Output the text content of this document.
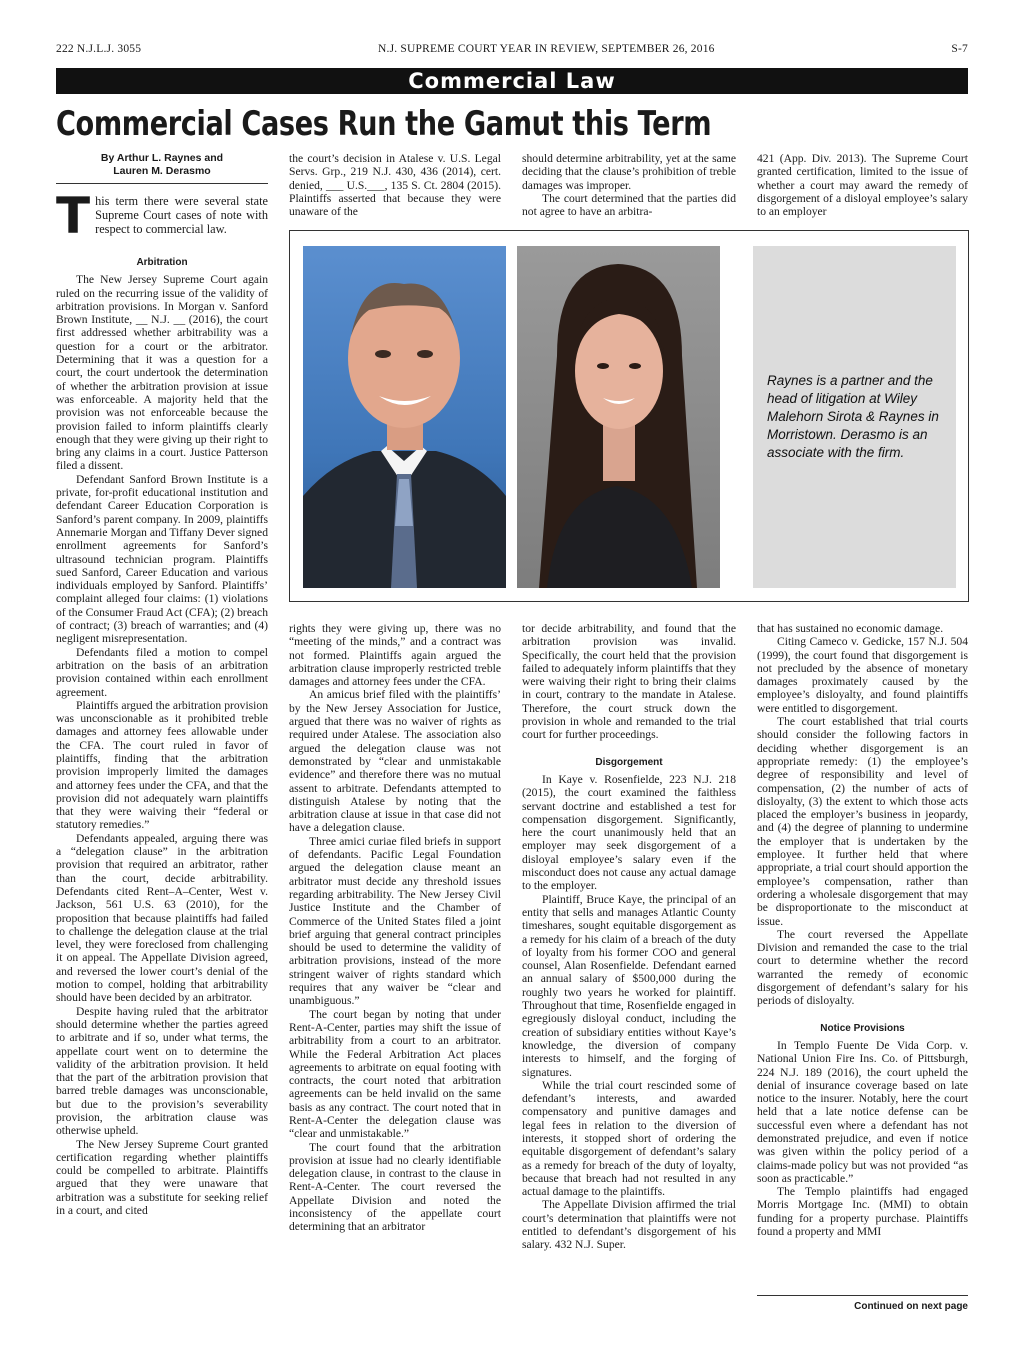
222 N.J.L.J. 3055	N.J. SUPREME COURT YEAR IN REVIEW, SEPTEMBER 26, 2016	S-7
Commercial Law
Commercial Cases Run the Gamut this Term
By Arthur L. Raynes and
Lauren M. Derasmo

This term there were several state Supreme Court cases of note with respect to commercial law.

Arbitration

The New Jersey Supreme Court again ruled on the recurring issue of the validity of arbitration provisions. In Morgan v. Sanford Brown Institute, __ N.J. __ (2016), the court first addressed whether arbitrability was a question for a court or the arbitrator. Determining that it was a question for a court, the court undertook the determination of whether the arbitration provision at issue was enforceable. A majority held that the provision was not enforceable because the provision failed to inform plaintiffs clearly enough that they were giving up their right to bring any claims in a court. Justice Patterson filed a dissent.

Defendant Sanford Brown Institute is a private, for-profit educational institution and defendant Career Education Corporation is Sanford’s parent company. In 2009, plaintiffs Annemarie Morgan and Tiffany Dever signed enrollment agreements for Sanford’s ultrasound technician program. Plaintiffs sued Sanford, Career Education and various individuals employed by Sanford. Plaintiffs’ complaint alleged four claims: (1) violations of the Consumer Fraud Act (CFA); (2) breach of contract; (3) breach of warranties; and (4) negligent misrepresentation.

Defendants filed a motion to compel arbitration on the basis of an arbitration provision contained within each enrollment agreement.

Plaintiffs argued the arbitration provision was unconscionable as it prohibited treble damages and attorney fees allowable under the CFA. The court ruled in favor of plaintiffs, finding that the arbitration provision improperly limited the damages and attorney fees under the CFA, and that the provision did not adequately warn plaintiffs that they were waiving their “federal or statutory remedies.”

Defendants appealed, arguing there was a “delegation clause” in the arbitration provision that required an arbitrator, rather than the court, decide arbitrability. Defendants cited Rent–A–Center, West v. Jackson, 561 U.S. 63 (2010), for the proposition that because plaintiffs had failed to challenge the delegation clause at the trial level, they were foreclosed from challenging it on appeal. The Appellate Division agreed, and reversed the lower court’s denial of the motion to compel, holding that arbitrability should have been decided by an arbitrator.

Despite having ruled that the arbitrator should determine whether the parties agreed to arbitrate and if so, under what terms, the appellate court went on to determine the validity of the arbitration provision. It held that the part of the arbitration provision that barred treble damages was unconscionable, but due to the provision’s severability provision, the arbitration clause was otherwise upheld.

The New Jersey Supreme Court granted certification regarding whether plaintiffs could be compelled to arbitrate. Plaintiffs argued that they were unaware that arbitration was a substitute for seeking relief in a court, and cited

the court’s decision in Atalese v. U.S. Legal Servs. Grp., 219 N.J. 430, 436 (2014), cert. denied, ___ U.S.___, 135 S. Ct. 2804 (2015). Plaintiffs asserted that because they were unaware of the

should determine arbitrability, yet at the same deciding that the clause’s prohibition of treble damages was improper.

The court determined that the parties did not agree to have an arbitra-

421 (App. Div. 2013). The Supreme Court granted certification, limited to the issue of whether a court may award the remedy of disgorgement of a disloyal employee’s salary to an employer

Raynes is a partner and the head of litigation at Wiley Malehorn Sirota & Raynes in Morristown. Derasmo is an associate with the firm.

rights they were giving up, there was no “meeting of the minds,” and a contract was not formed. Plaintiffs again argued the arbitration clause improperly restricted treble damages and attorney fees under the CFA.

An amicus brief filed with the plaintiffs’ by the New Jersey Association for Justice, argued that there was no waiver of rights as required under Atalese. The association also argued the delegation clause was not demonstrated by “clear and unmistakable evidence” and therefore there was no mutual assent to arbitrate. Defendants attempted to distinguish Atalese by noting that the arbitration clause at issue in that case did not have a delegation clause.

Three amici curiae filed briefs in support of defendants. Pacific Legal Foundation argued the delegation clause meant an arbitrator must decide any threshold issues regarding arbitrability. The New Jersey Civil Justice Institute and the Chamber of Commerce of the United States filed a joint brief arguing that general contract principles should be used to determine the validity of arbitration provisions, instead of the more stringent waiver of rights standard which requires that any waiver be “clear and unambiguous.”

The court began by noting that under Rent-A-Center, parties may shift the issue of arbitrability from a court to an arbitrator. While the Federal Arbitration Act places agreements to arbitrate on equal footing with contracts, the court noted that arbitration agreements can be held invalid on the same basis as any contract. The court noted that in Rent-A-Center the delegation clause was “clear and unmistakable.”

The court found that the arbitration provision at issue had no clearly identifiable delegation clause, in contrast to the clause in Rent-A-Center. The court reversed the Appellate Division and noted the inconsistency of the appellate court determining that an arbitrator

tor decide arbitrability, and found that the arbitration provision was invalid. Specifically, the court held that the provision failed to adequately inform plaintiffs that they were waiving their right to bring their claims in court, contrary to the mandate in Atalese. Therefore, the court struck down the provision in whole and remanded to the trial court for further proceedings.

Disgorgement

In Kaye v. Rosenfielde, 223 N.J. 218 (2015), the court examined the faithless servant doctrine and established a test for compensation disgorgement. Significantly, here the court unanimously held that an employer may seek disgorgement of a disloyal employee’s salary even if the misconduct does not cause any actual damage to the employer.

Plaintiff, Bruce Kaye, the principal of an entity that sells and manages Atlantic County timeshares, sought equitable disgorgement as a remedy for his claim of a breach of the duty of loyalty from his former COO and general counsel, Alan Rosenfielde. Defendant earned an annual salary of $500,000 during the roughly two years he worked for plaintiff. Throughout that time, Rosenfielde engaged in egregiously disloyal conduct, including the creation of subsidiary entities without Kaye’s knowledge, the diversion of company interests to himself, and the forging of signatures.

While the trial court rescinded some of defendant’s interests, and awarded compensatory and punitive damages and legal fees in relation to the diversion of interests, it stopped short of ordering the equitable disgorgement of defendant’s salary as a remedy for breach of the duty of loyalty, because that breach had not resulted in any actual damage to the plaintiffs.

The Appellate Division affirmed the trial court’s determination that plaintiffs were not entitled to defendant’s disgorgement of his salary. 432 N.J. Super.

that has sustained no economic damage.

Citing Cameco v. Gedicke, 157 N.J. 504 (1999), the court found that disgorgement is not precluded by the absence of monetary damages proximately caused by the employee’s disloyalty, and found plaintiffs were entitled to disgorgement.

The court established that trial courts should consider the following factors in deciding whether disgorgement is an appropriate remedy: (1) the employee’s degree of responsibility and level of compensation, (2) the number of acts of disloyalty, (3) the extent to which those acts placed the employer’s business in jeopardy, and (4) the degree of planning to undermine the employer that is undertaken by the employee. It further held that where appropriate, a trial court should apportion the employee’s compensation, rather than ordering a wholesale disgorgement that may be disproportionate to the misconduct at issue.

The court reversed the Appellate Division and remanded the case to the trial court to determine whether the record warranted the remedy of economic disgorgement of defendant’s salary for his periods of disloyalty.

Notice Provisions

In Templo Fuente De Vida Corp. v. National Union Fire Ins. Co. of Pittsburgh, 224 N.J. 189 (2016), the court upheld the denial of insurance coverage based on late notice to the insurer. Notably, here the court held that a late notice defense can be successful even where a defendant has not demonstrated prejudice, and even if notice was given within the policy period of a claims-made policy but was not provided “as soon as practicable.”

The Templo plaintiffs had engaged Morris Mortgage Inc. (MMI) to obtain funding for a property purchase. Plaintiffs found a property and MMI

Continued on next page
